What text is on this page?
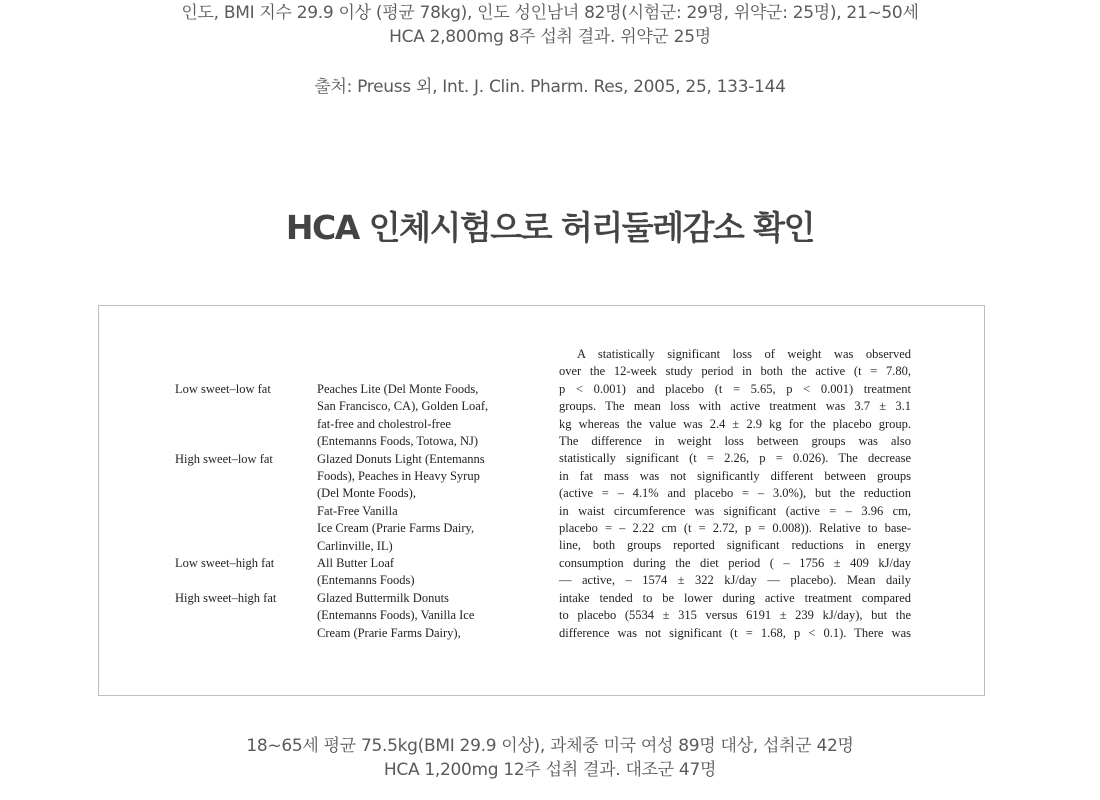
인도, BMI 지수 29.9 이상 (평균 78kg), 인도 성인남녀 82명(시험군: 29명, 위약군: 25명), 21~50세
HCA 2,800mg 8주 섭취 결과. 위약군 25명
출처: Preuss 외, Int. J. Clin. Pharm. Res, 2005, 25, 133-144
HCA 인체시험으로 허리둘레감소 확인
Low sweet–low fat	Peaches Lite (Del Monte Foods,
San Francisco, CA), Golden Loaf,
fat-free and cholestrol-free
(Entemanns Foods, Totowa, NJ)
High sweet–low fat	Glazed Donuts Light (Entemanns
Foods), Peaches in Heavy Syrup
(Del Monte Foods),
Fat-Free Vanilla
Ice Cream (Prarie Farms Dairy,
Carlinville, IL)
Low sweet–high fat	All Butter Loaf
(Entemanns Foods)
High sweet–high fat	Glazed Buttermilk Donuts
(Entemanns Foods), Vanilla Ice
Cream (Prarie Farms Dairy),
A statistically significant loss of weight was observed
over the 12-week study period in both the active (t = 7.80,
p < 0.001) and placebo (t = 5.65, p < 0.001) treatment
groups. The mean loss with active treatment was 3.7 ± 3.1
kg whereas the value was 2.4 ± 2.9 kg for the placebo group.
The difference in weight loss between groups was also
statistically significant (t = 2.26, p = 0.026). The decrease
in fat mass was not significantly different between groups
(active = – 4.1% and placebo = – 3.0%), but the reduction
in waist circumference was significant (active = – 3.96 cm,
placebo = – 2.22 cm (t = 2.72, p = 0.008)). Relative to base-
line, both groups reported significant reductions in energy
consumption during the diet period ( – 1756 ± 409 kJ/day
— active, – 1574 ± 322 kJ/day — placebo). Mean daily
intake tended to be lower during active treatment compared
to placebo (5534 ± 315 versus 6191 ± 239 kJ/day), but the
difference was not significant (t = 1.68, p < 0.1). There was
18~65세 평균 75.5kg(BMI 29.9 이상), 과체중 미국 여성 89명 대상, 섭취군 42명
HCA 1,200mg 12주 섭취 결과. 대조군 47명
